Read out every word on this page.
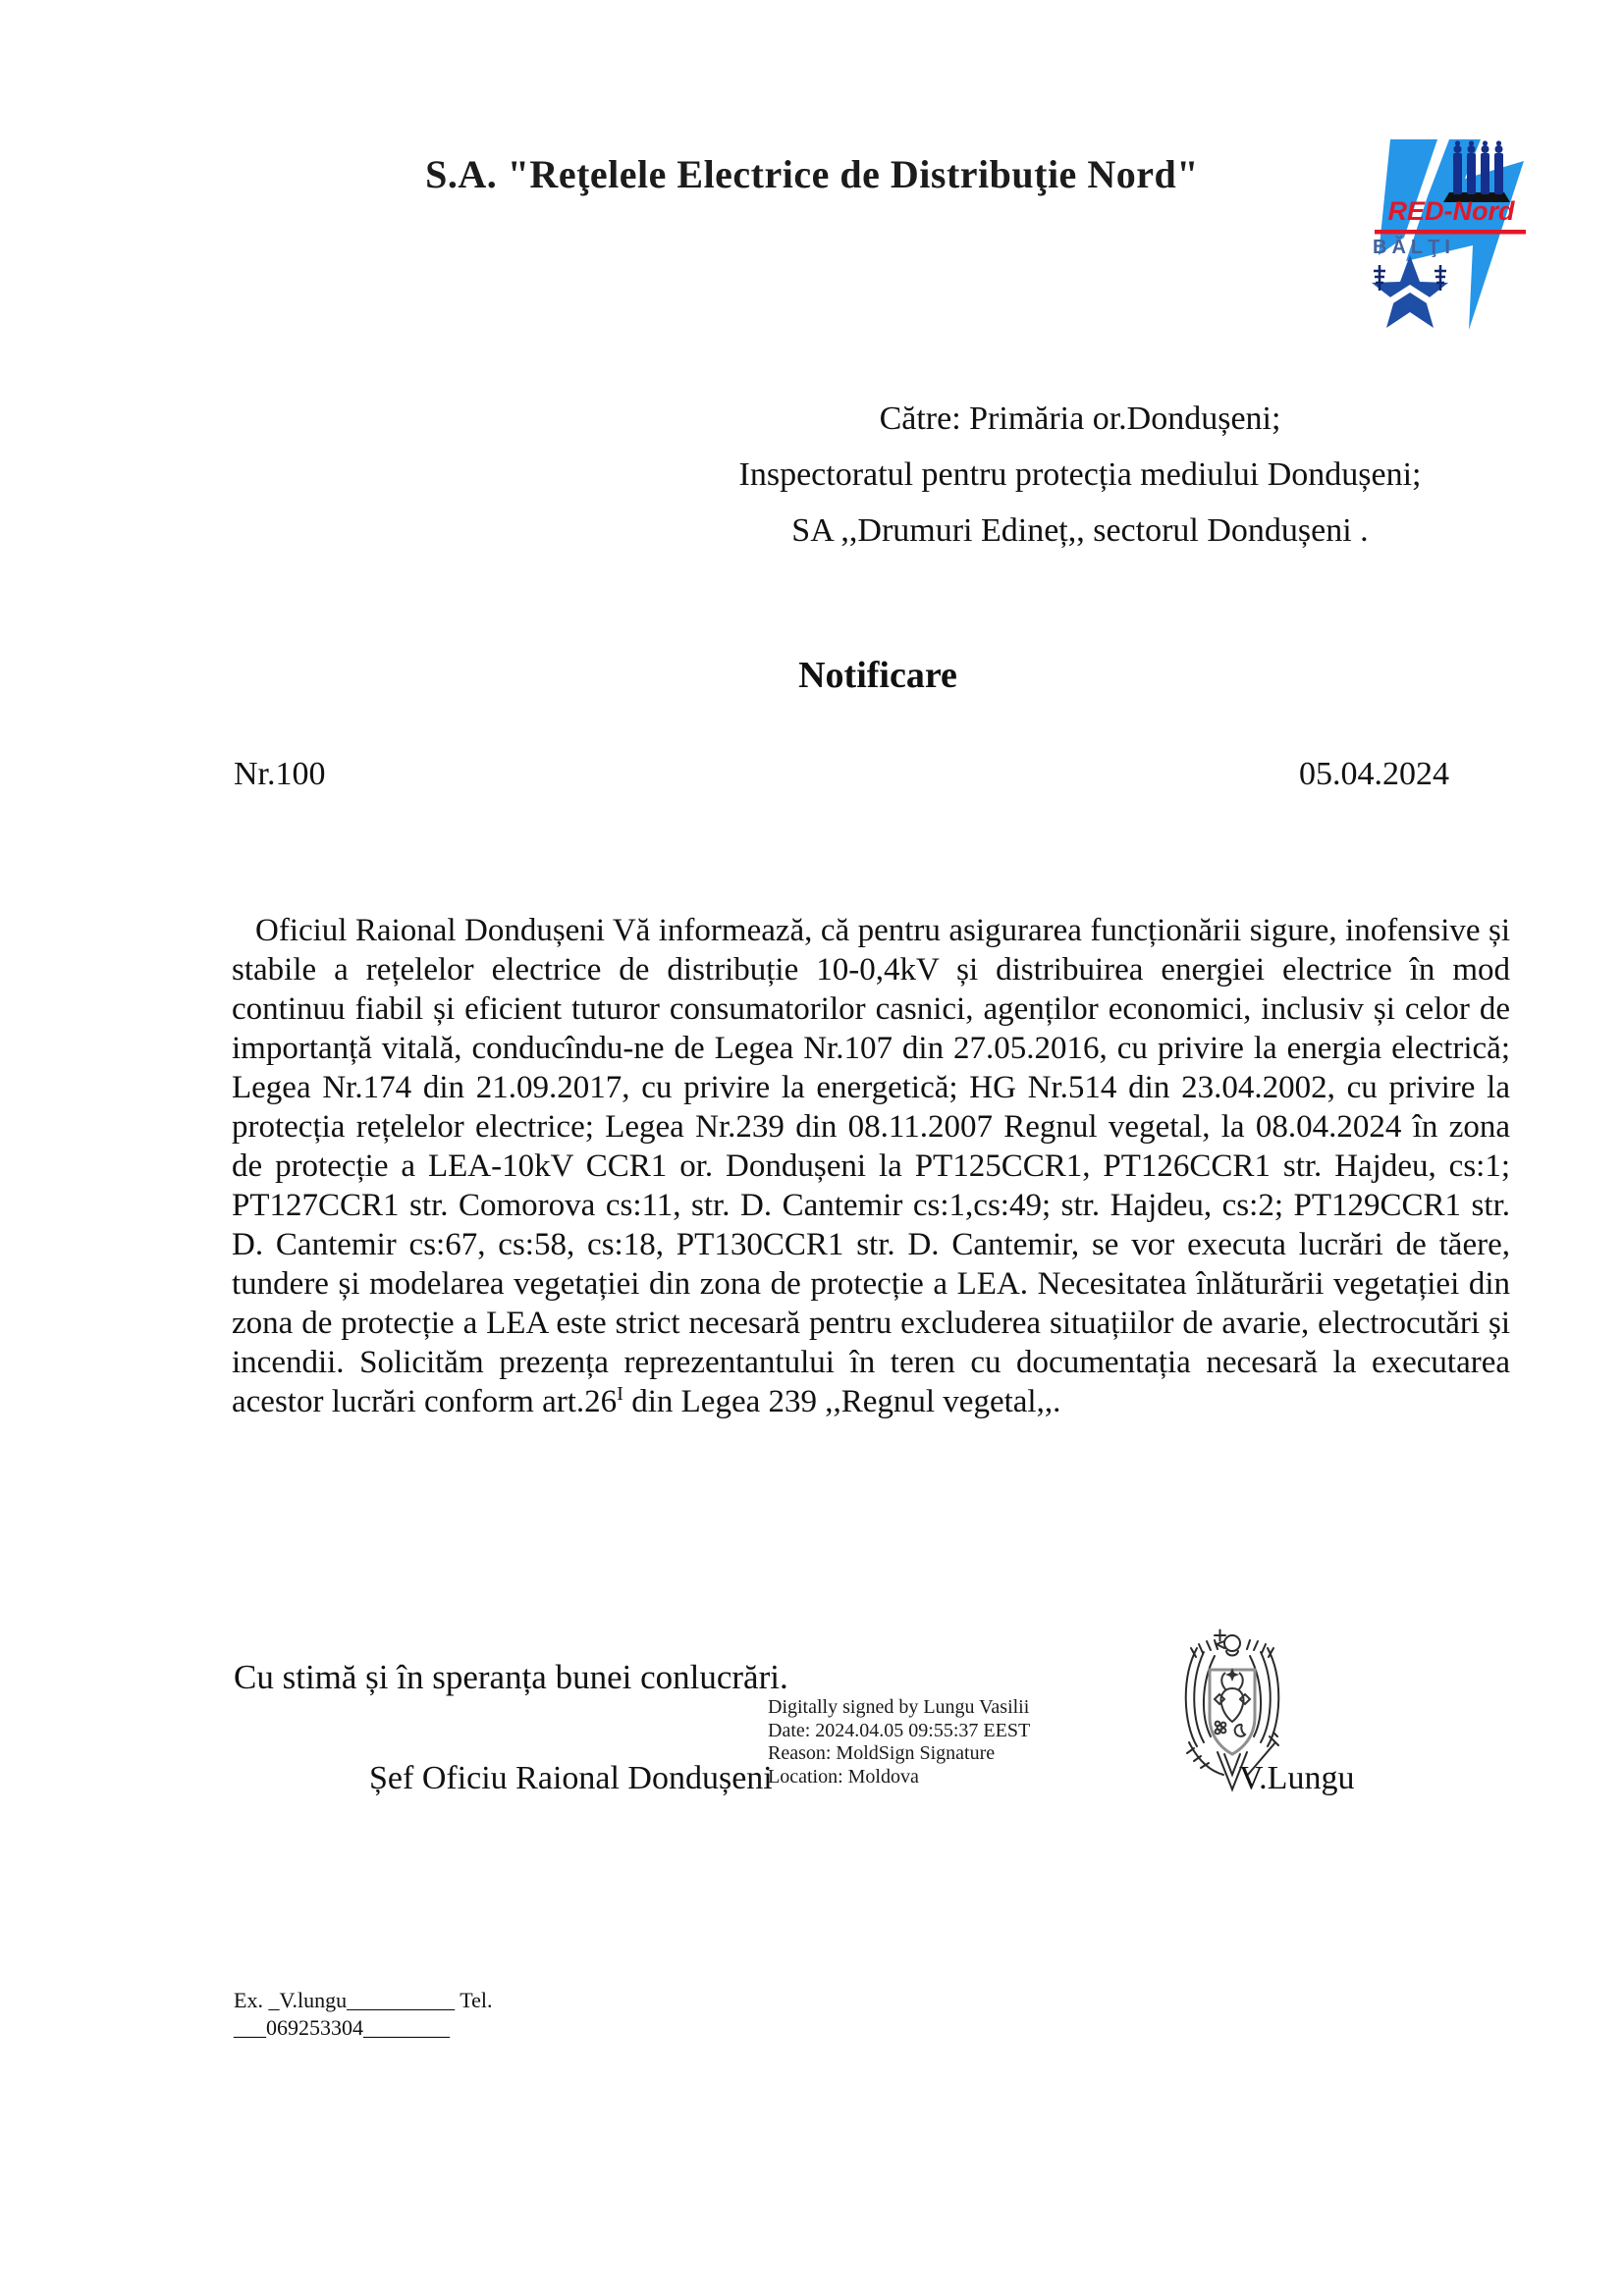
S.A. "Reţelele Electrice de Distribuţie Nord"
RED-Nord
BĂLŢI
Către: Primăria or.Dondușeni;
Inspectoratul pentru protecția mediului Dondușeni;
SA ,,Drumuri Edineț,, sectorul Dondușeni .
Notificare
Nr.100	05.04.2024
Oficiul Raional Dondușeni Vă informează, că pentru asigurarea funcționării sigure, inofensive și stabile a rețelelor electrice de distribuție 10-0,4kV și distribuirea energiei electrice în mod continuu fiabil și eficient tuturor consumatorilor casnici, agenților economici, inclusiv și celor de importanță vitală, conducîndu-ne de Legea Nr.107 din 27.05.2016, cu privire la energia electrică; Legea Nr.174 din 21.09.2017, cu privire la energetică; HG Nr.514 din 23.04.2002, cu privire la protecția rețelelor electrice; Legea Nr.239 din 08.11.2007 Regnul vegetal, la 08.04.2024 în zona de protecție a LEA-10kV CCR1 or. Dondușeni la PT125CCR1, PT126CCR1 str. Hajdeu, cs:1; PT127CCR1 str. Comorova cs:11, str. D. Cantemir cs:1,cs:49; str. Hajdeu, cs:2; PT129CCR1 str. D. Cantemir cs:67, cs:58, cs:18, PT130CCR1 str. D. Cantemir, se vor executa lucrări de tăere, tundere și modelarea vegetației din zona de protecție a LEA. Necesitatea înlăturării vegetației din zona de protecție a LEA este strict necesară pentru excluderea situațiilor de avarie, electrocutări și incendii. Solicităm prezența reprezentantului în teren cu documentația necesară la executarea acestor lucrări conform $art.26^I$ din Legea 239 ,,Regnul vegetal,,.
Cu stimă și în speranța bunei conlucrări.
Digitally signed by Lungu Vasilii
Date: 2024.04.05 09:55:37 EEST
Reason: MoldSign Signature
Location: Moldova
Șef Oficiu Raional Dondușeni	V.Lungu
Ex. _V.lungu__________ Tel.
___069253304________
